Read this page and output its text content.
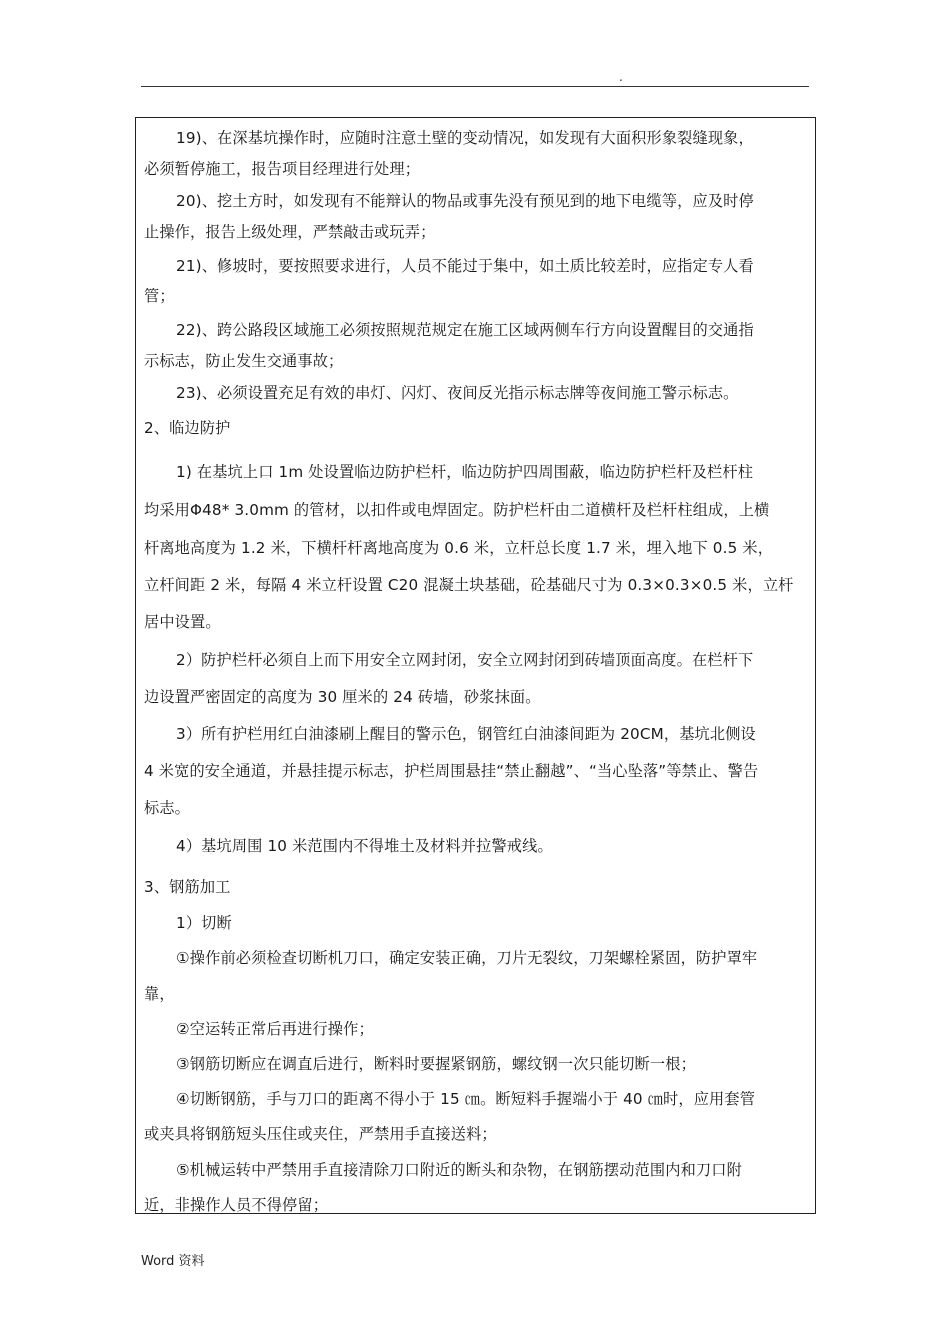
.
19)、在深基坑操作时，应随时注意土壁的变动情况，如发现有大面积形象裂缝现象，
必须暂停施工，报告项目经理进行处理；
20)、挖土方时，如发现有不能辩认的物品或事先没有预见到的地下电缆等，应及时停
止操作，报告上级处理，严禁敲击或玩弄；
21)、修坡时，要按照要求进行，人员不能过于集中，如土质比较差时，应指定专人看
管；
22)、跨公路段区域施工必须按照规范规定在施工区域两侧车行方向设置醒目的交通指
示标志，防止发生交通事故；
23)、必须设置充足有效的串灯、闪灯、夜间反光指示标志牌等夜间施工警示标志。
2、临边防护
1) 在基坑上口 1m 处设置临边防护栏杆，临边防护四周围蔽，临边防护栏杆及栏杆柱
均采用Φ48* 3.0mm 的管材，以扣件或电焊固定。防护栏杆由二道横杆及栏杆柱组成，上横
杆离地高度为 1.2 米，下横杆杆离地高度为 0.6 米，立杆总长度 1.7 米，埋入地下 0.5 米，
立杆间距 2 米，每隔 4 米立杆设置 C20 混凝土块基础，砼基础尺寸为 0.3×0.3×0.5 米，立杆
居中设置。
2）防护栏杆必须自上而下用安全立网封闭，安全立网封闭到砖墙顶面高度。在栏杆下
边设置严密固定的高度为 30 厘米的 24 砖墙，砂浆抹面。
3）所有护栏用红白油漆刷上醒目的警示色，钢管红白油漆间距为 20CM，基坑北侧设
4 米宽的安全通道，并悬挂提示标志，护栏周围悬挂“禁止翻越”、“当心坠落”等禁止、警告
标志。
4）基坑周围 10 米范围内不得堆土及材料并拉警戒线。
3、钢筋加工
1）切断
①操作前必须检查切断机刀口，确定安装正确，刀片无裂纹，刀架螺栓紧固，防护罩牢
靠，
②空运转正常后再进行操作；
③钢筋切断应在调直后进行，断料时要握紧钢筋，螺纹钢一次只能切断一根；
④切断钢筋，手与刀口的距离不得小于 15 ㎝。断短料手握端小于 40 ㎝时，应用套管
或夹具将钢筋短头压住或夹住，严禁用手直接送料；
⑤机械运转中严禁用手直接清除刀口附近的断头和杂物，在钢筋摆动范围内和刀口附
近，非操作人员不得停留；
Word 资料
